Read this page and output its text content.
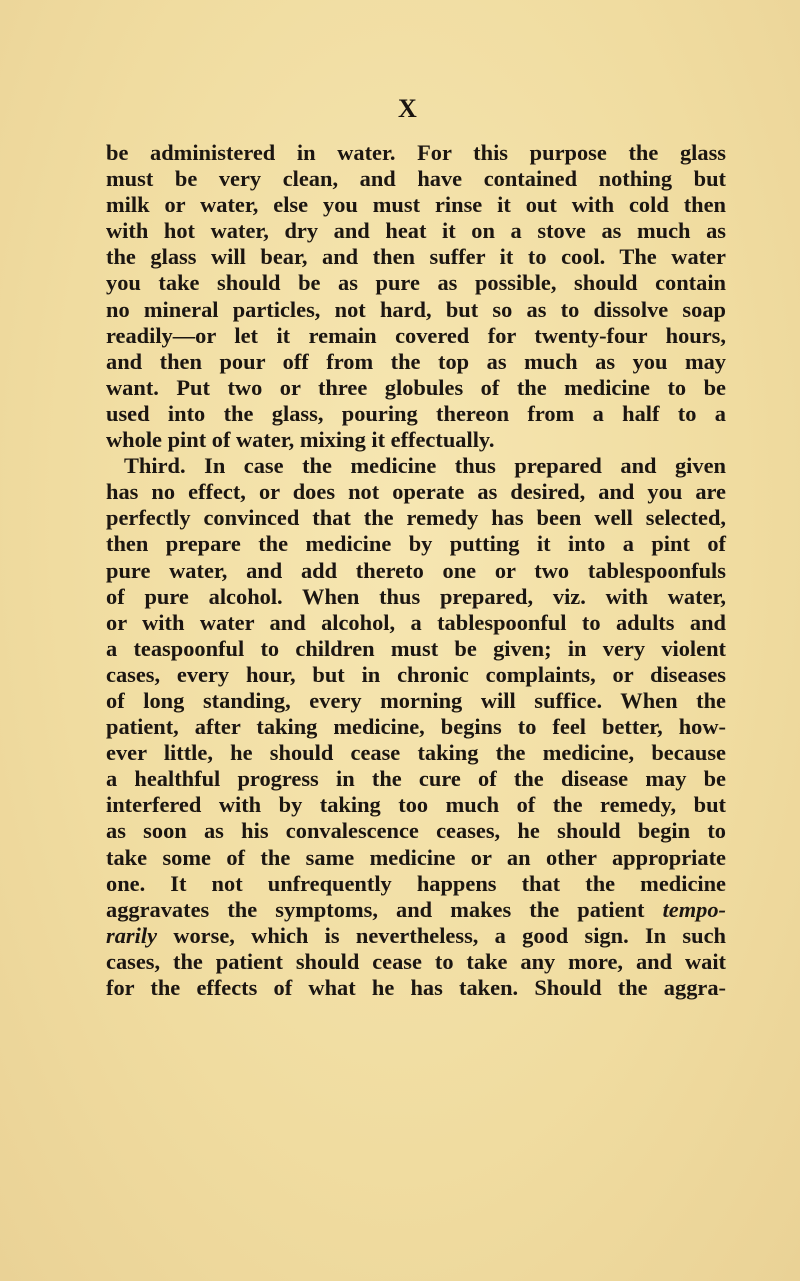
X
be administered in water. For this purpose the glass
must be very clean, and have contained nothing but
milk or water, else you must rinse it out with cold then
with hot water, dry and heat it on a stove as much as
the glass will bear, and then suffer it to cool. The water
you take should be as pure as possible, should contain
no mineral particles, not hard, but so as to dissolve soap
readily—or let it remain covered for twenty-four hours,
and then pour off from the top as much as you may
want. Put two or three globules of the medicine to be
used into the glass, pouring thereon from a half to a
whole pint of water, mixing it effectually.
Third. In case the medicine thus prepared and given
has no effect, or does not operate as desired, and you are
perfectly convinced that the remedy has been well selected,
then prepare the medicine by putting it into a pint of
pure water, and add thereto one or two tablespoonfuls
of pure alcohol. When thus prepared, viz. with water,
or with water and alcohol, a tablespoonful to adults and
a teaspoonful to children must be given; in very violent
cases, every hour, but in chronic complaints, or diseases
of long standing, every morning will suffice. When the
patient, after taking medicine, begins to feel better, how-
ever little, he should cease taking the medicine, because
a healthful progress in the cure of the disease may be
interfered with by taking too much of the remedy, but
as soon as his convalescence ceases, he should begin to
take some of the same medicine or an other appropriate
one. It not unfrequently happens that the medicine
aggravates the symptoms, and makes the patient tempo-
rarily worse, which is nevertheless, a good sign. In such
cases, the patient should cease to take any more, and wait
for the effects of what he has taken. Should the aggra-
